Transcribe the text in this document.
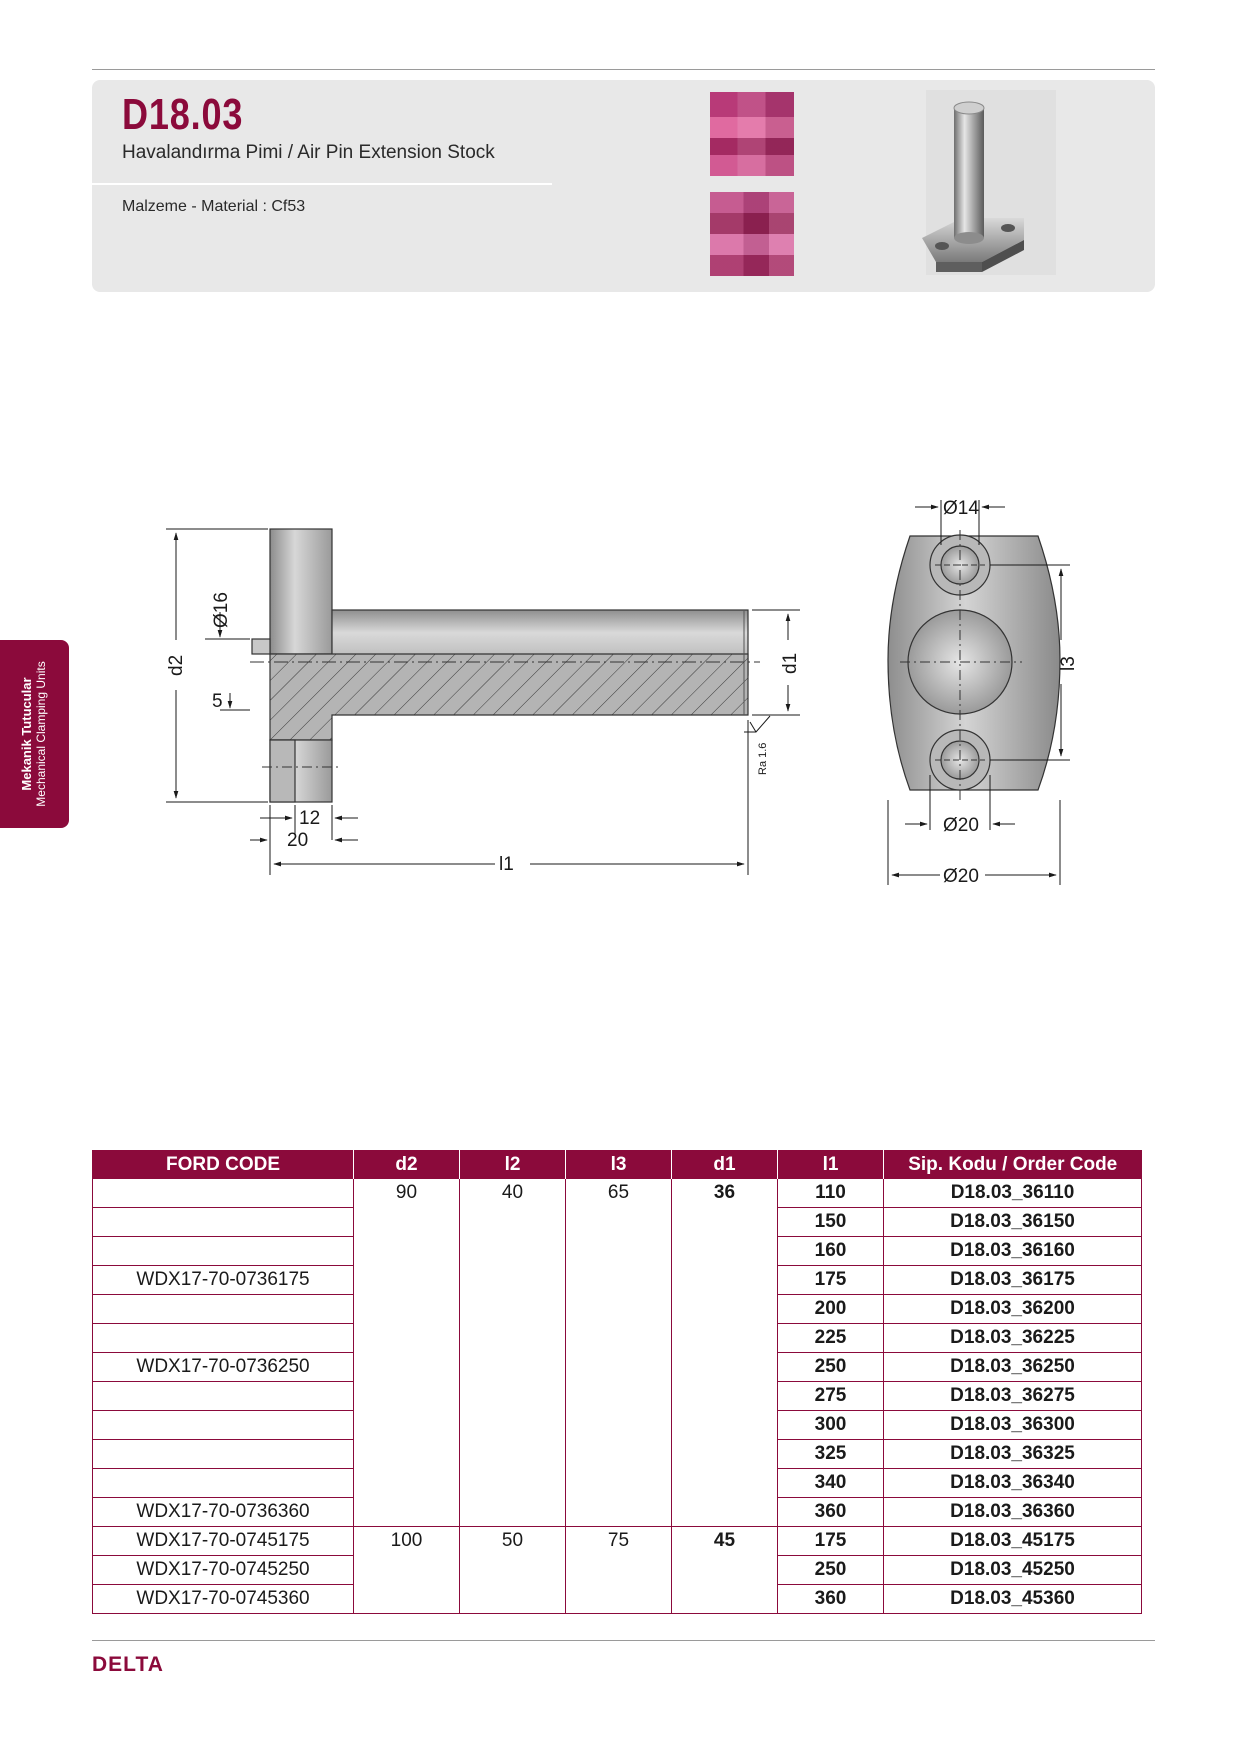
D18.03
Havalandırma Pimi / Air Pin Extension Stock
Malzeme - Material : Cf53
Mekanik Tutucular Mechanical Clamping Units	d2
Ø16
5
d1
Ra 1.6
12
20
l1
Ø14
l3
Ø20
Ø20
FORD CODE	d2	l2	l3	d1	l1	Sip. Kodu / Order Code
	90	40	65	36	110	D18.03_36110
					150	D18.03_36150
					160	D18.03_36160
WDX17-70-0736175					175	D18.03_36175
					200	D18.03_36200
					225	D18.03_36225
WDX17-70-0736250					250	D18.03_36250
					275	D18.03_36275
					300	D18.03_36300
					325	D18.03_36325
					340	D18.03_36340
WDX17-70-0736360					360	D18.03_36360
WDX17-70-0745175	100	50	75	45	175	D18.03_45175
WDX17-70-0745250					250	D18.03_45250
WDX17-70-0745360					360	D18.03_45360
DELTA
